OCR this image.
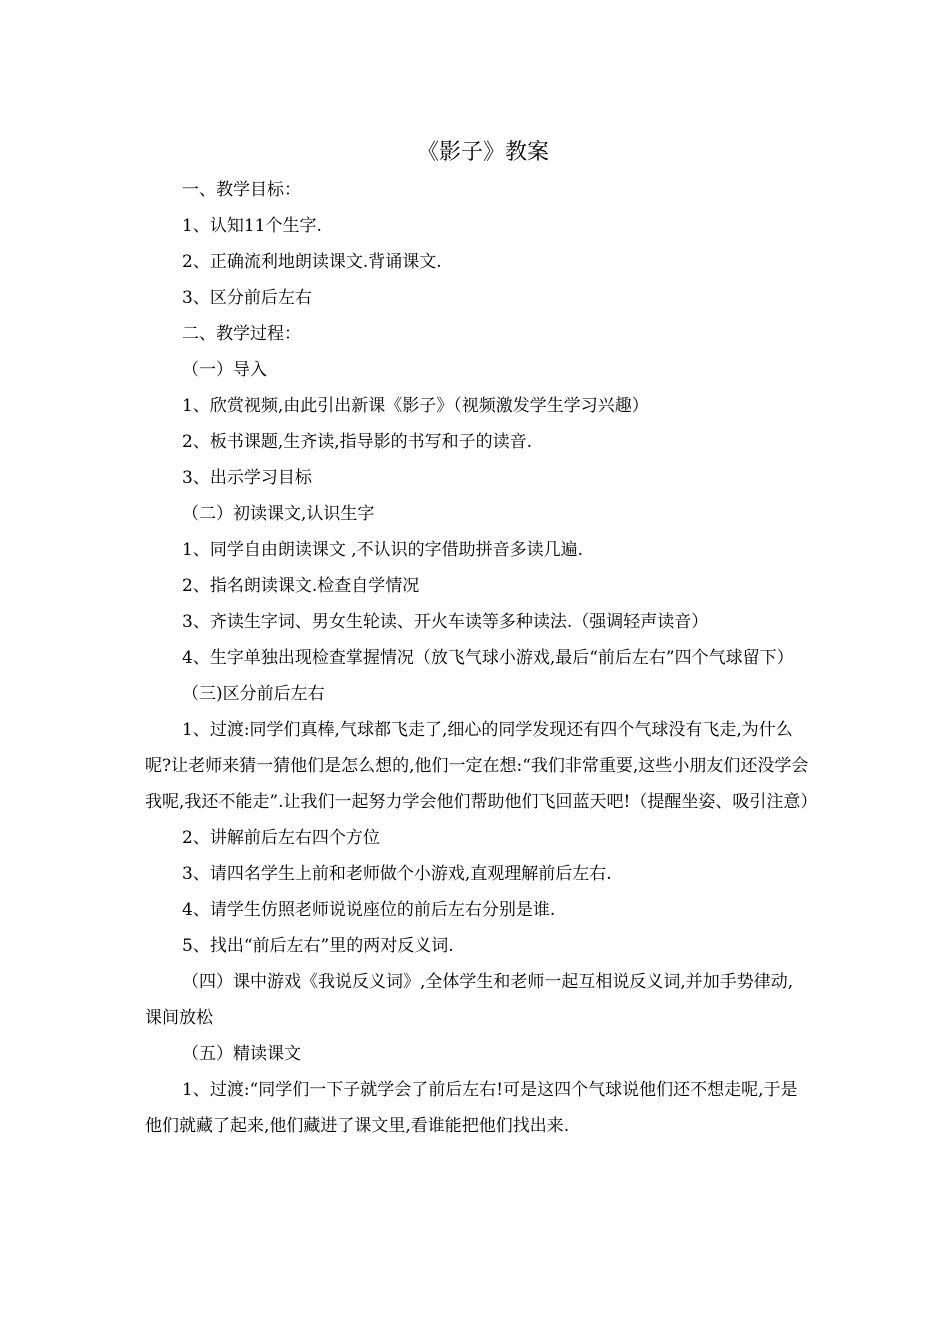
《影子》教案

一、教学目标：

1、认知11个生字.

2、正确流利地朗读课文.背诵课文.

3、区分前后左右

二、教学过程：

（一）导入

1、欣赏视频,由此引出新课《影子》（视频激发学生学习兴趣）

2、板书课题,生齐读,指导影的书写和子的读音.

3、出示学习目标

（二）初读课文,认识生字

1、同学自由朗读课文 ,不认识的字借助拼音多读几遍.

2、指名朗读课文.检查自学情况

3、齐读生字词、男女生轮读、开火车读等多种读法.（强调轻声读音）

4、生字单独出现检查掌握情况（放飞气球小游戏,最后“前后左右”四个气球留下）

（三)区分前后左右

1、过渡:同学们真棒,气球都飞走了,细心的同学发现还有四个气球没有飞走,为什么呢?让老师来猜一猜他们是怎么想的,他们一定在想:“我们非常重要,这些小朋友们还没学会我呢,我还不能走”.让我们一起努力学会他们帮助他们飞回蓝天吧!（提醒坐姿、吸引注意）

2、讲解前后左右四个方位

3、请四名学生上前和老师做个小游戏,直观理解前后左右.

4、请学生仿照老师说说座位的前后左右分别是谁.

5、找出“前后左右”里的两对反义词.

（四）课中游戏《我说反义词》,全体学生和老师一起互相说反义词,并加手势律动,课间放松

（五）精读课文

1、过渡:“同学们一下子就学会了前后左右!可是这四个气球说他们还不想走呢,于是他们就藏了起来,他们藏进了课文里,看谁能把他们找出来.
